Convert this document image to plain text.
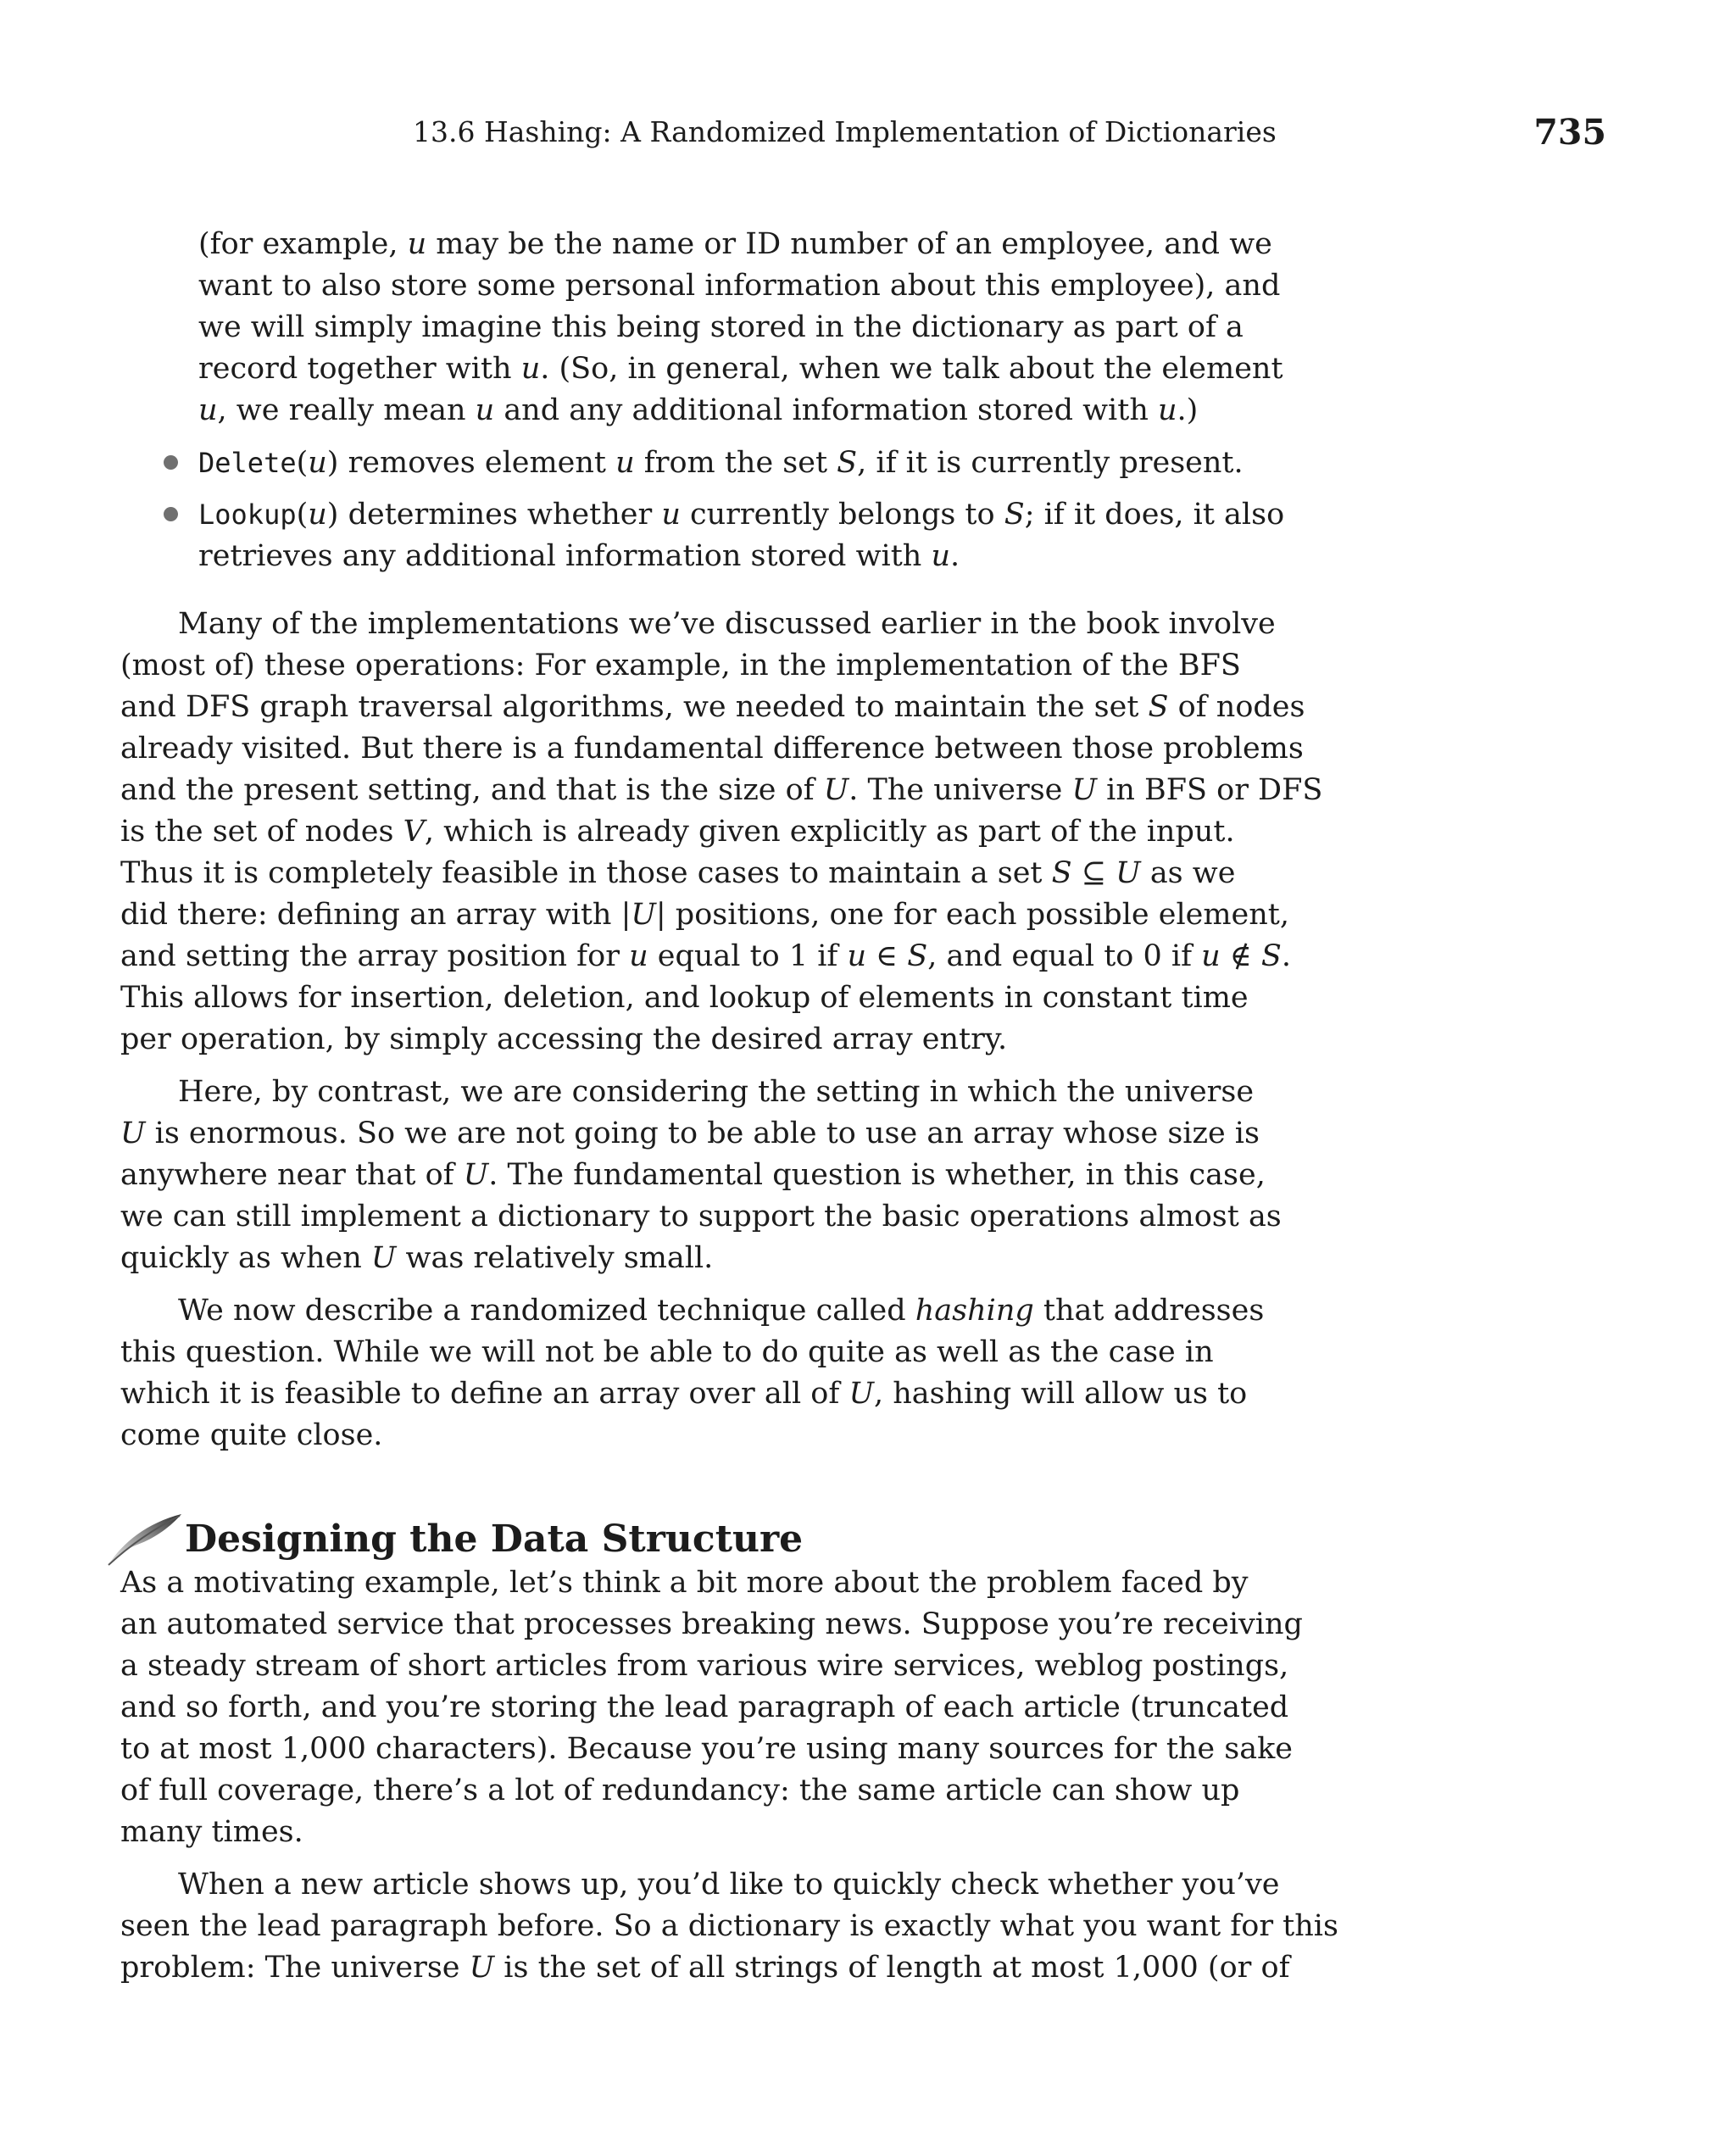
13.6 Hashing: A Randomized Implementation of Dictionaries	735
(for example, u may be the name or ID number of an employee, and we
want to also store some personal information about this employee), and
we will simply imagine this being stored in the dictionary as part of a
record together with u. (So, in general, when we talk about the element
u, we really mean u and any additional information stored with u.)
Delete(u) removes element u from the set S, if it is currently present.
Lookup(u) determines whether u currently belongs to S; if it does, it also
retrieves any additional information stored with u.
Many of the implementations we’ve discussed earlier in the book involve
(most of) these operations: For example, in the implementation of the BFS
and DFS graph traversal algorithms, we needed to maintain the set S of nodes
already visited. But there is a fundamental difference between those problems
and the present setting, and that is the size of U. The universe U in BFS or DFS
is the set of nodes V, which is already given explicitly as part of the input.
Thus it is completely feasible in those cases to maintain a set S ⊆ U as we
did there: defining an array with |U| positions, one for each possible element,
and setting the array position for u equal to 1 if u ∈ S, and equal to 0 if u ∉ S.
This allows for insertion, deletion, and lookup of elements in constant time
per operation, by simply accessing the desired array entry.
Here, by contrast, we are considering the setting in which the universe
U is enormous. So we are not going to be able to use an array whose size is
anywhere near that of U. The fundamental question is whether, in this case,
we can still implement a dictionary to support the basic operations almost as
quickly as when U was relatively small.
We now describe a randomized technique called hashing that addresses
this question. While we will not be able to do quite as well as the case in
which it is feasible to define an array over all of U, hashing will allow us to
come quite close.
Designing the Data Structure
As a motivating example, let’s think a bit more about the problem faced by
an automated service that processes breaking news. Suppose you’re receiving
a steady stream of short articles from various wire services, weblog postings,
and so forth, and you’re storing the lead paragraph of each article (truncated
to at most 1,000 characters). Because you’re using many sources for the sake
of full coverage, there’s a lot of redundancy: the same article can show up
many times.
When a new article shows up, you’d like to quickly check whether you’ve
seen the lead paragraph before. So a dictionary is exactly what you want for this
problem: The universe U is the set of all strings of length at most 1,000 (or of
